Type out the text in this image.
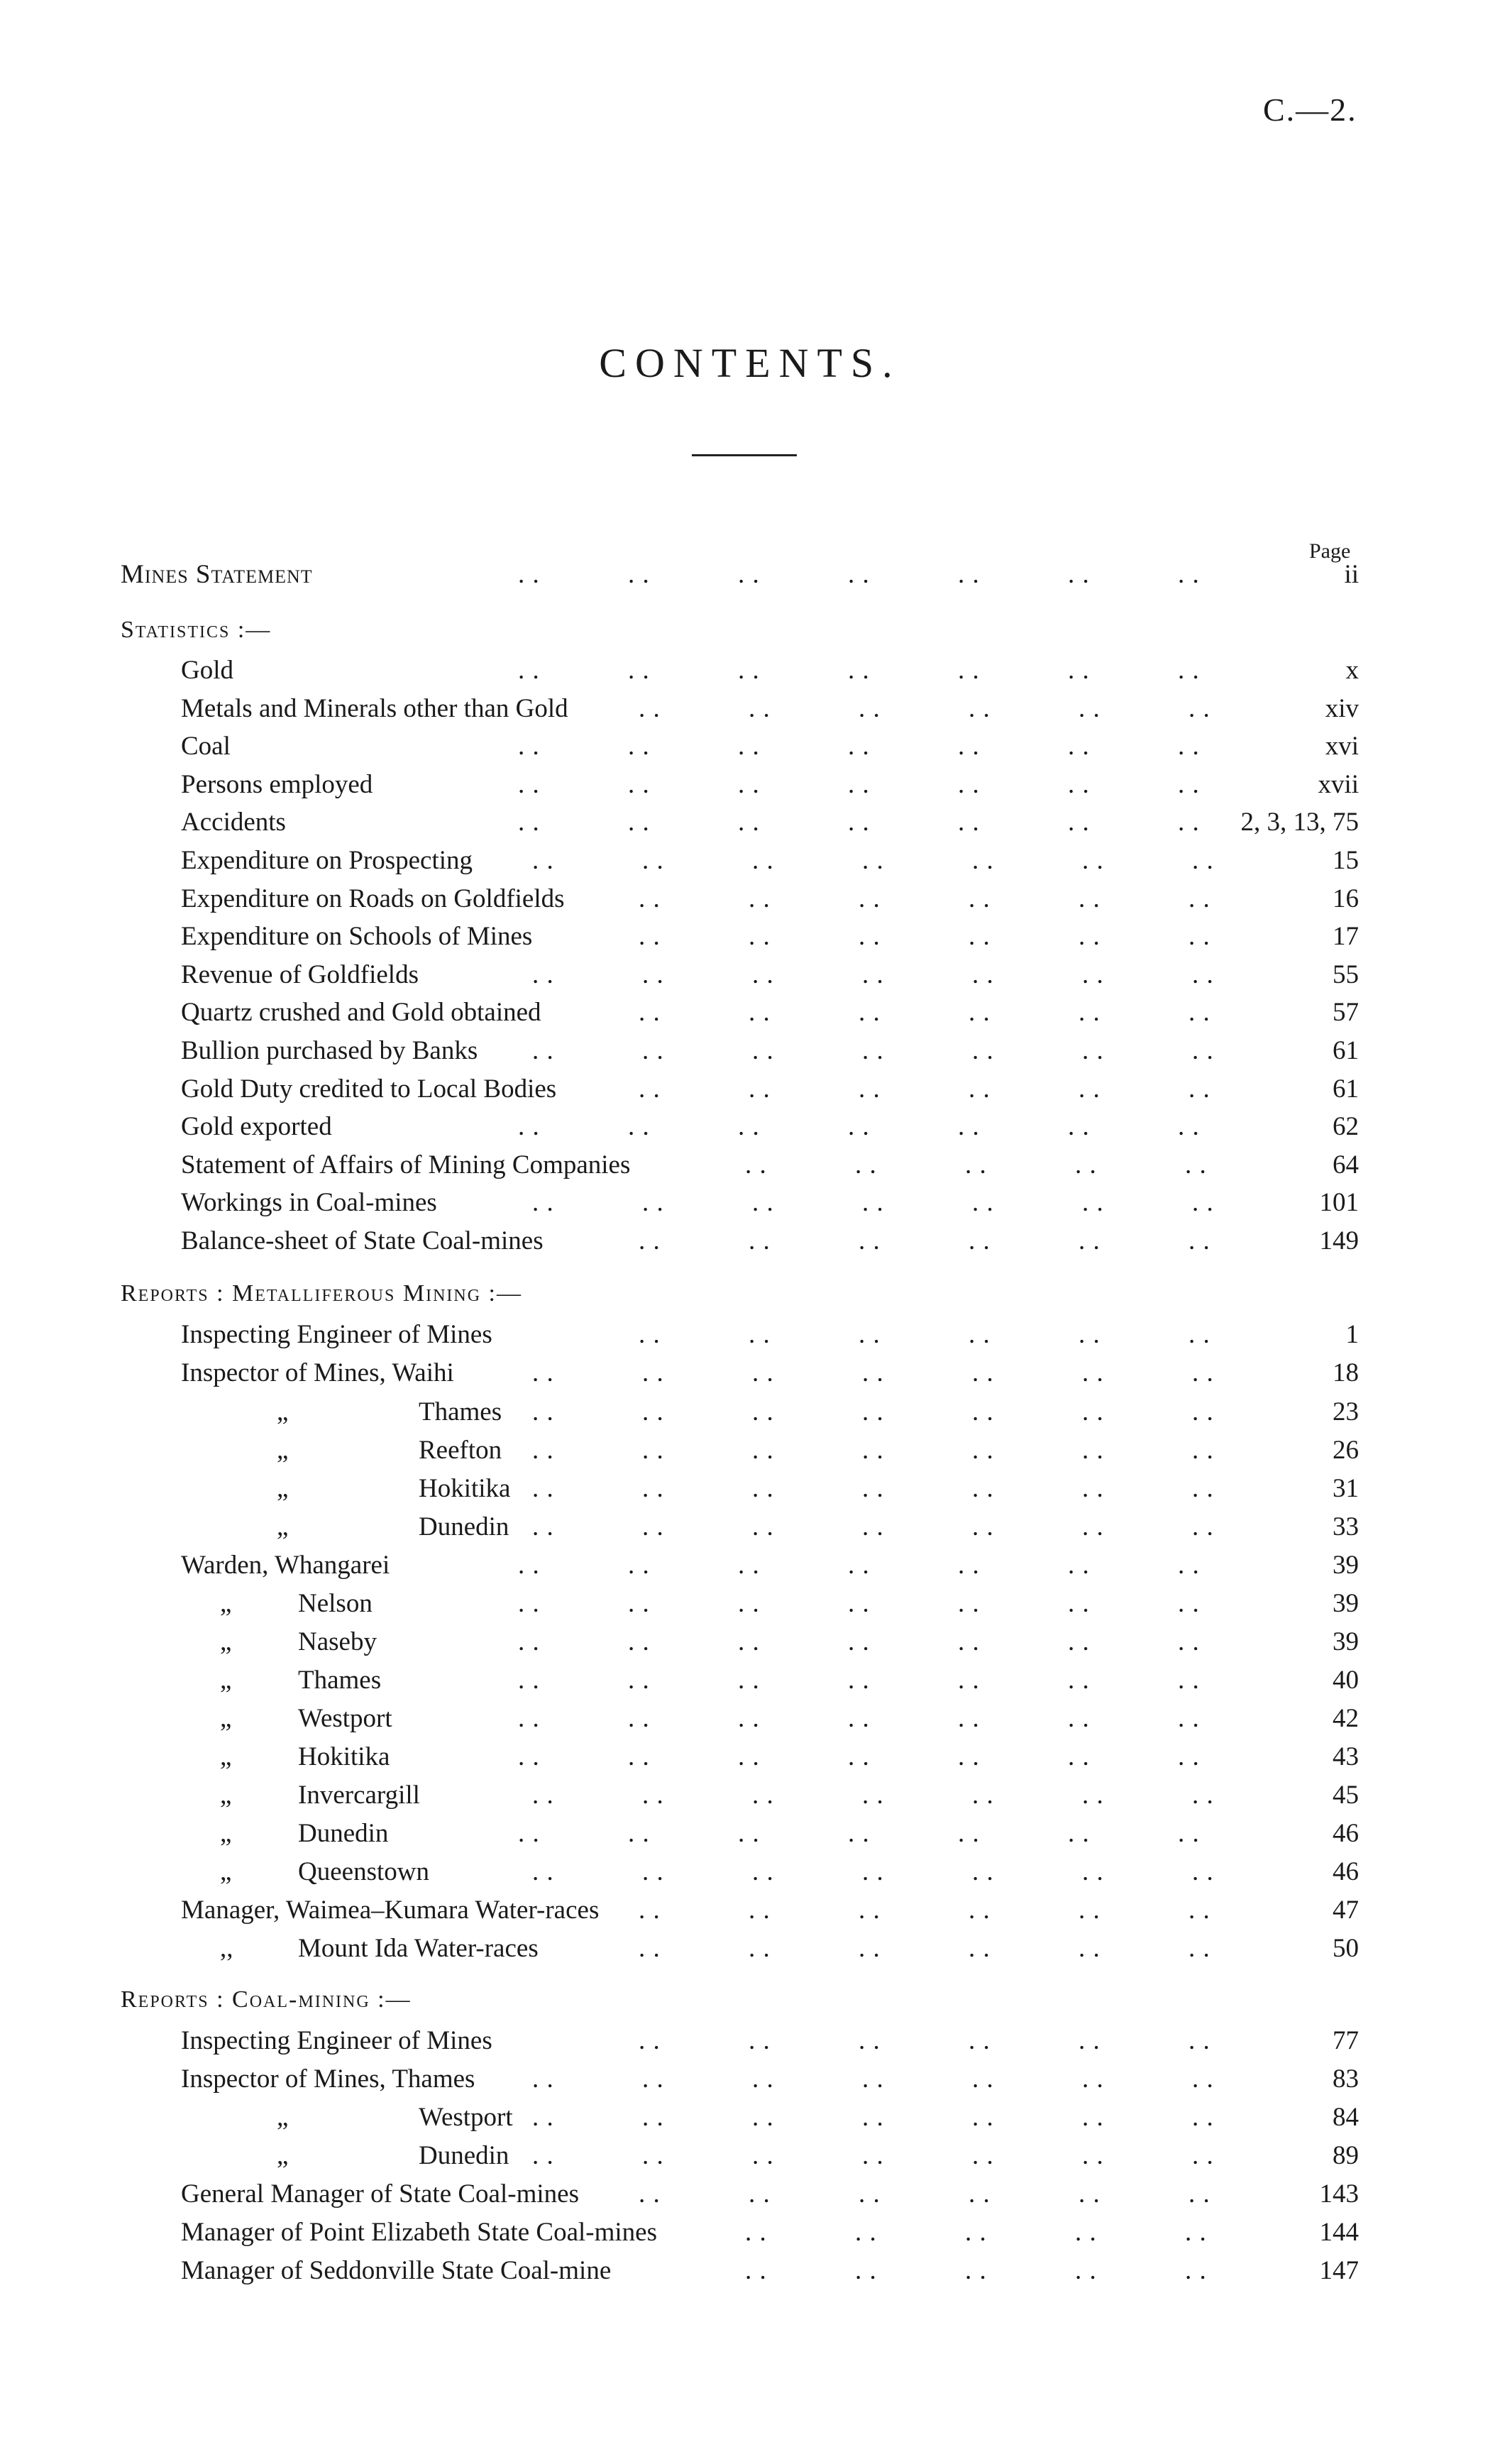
C.—2.
CONTENTS.
Page
Mines Statement	. .    . .    . .    . .    . .    . .    . .	ii
Statistics :—
Gold	. .    . .    . .    . .    . .    . .    . .	x
Metals and Minerals other than Gold	. .    . .    . .    . .    . .    . .	xiv
Coal	. .    . .    . .    . .    . .    . .    . .	xvi
Persons employed	. .    . .    . .    . .    . .    . .    . .	xvii
Accidents	. .    . .    . .    . .    . .    . .    . . 2, 3, 13, 75
Expenditure on Prospecting . .    . .    . .    . .    . .    . .    . .	15
Expenditure on Roads on Goldfields	. .    . .    . .    . .    . .    . .	16
Expenditure on Schools of Mines	. .    . .    . .    . .    . .    . .	17
Revenue of Goldfields	. .    . .    . .    . .    . .    . .    . .	55
Quartz crushed and Gold obtained	. .    . .    . .    . .    . .    . .	57
Bullion purchased by Banks . .    . .    . .    . .    . .    . .    . .	61
Gold Duty credited to Local Bodies	. .    . .    . .    . .    . .    . .	61
Gold exported	. .    . .    . .    . .    . .    . .    . .	62
Statement of Affairs of Mining Companies	. .    . .    . .    . .    . .	64
Workings in Coal-mines	. .    . .    . .    . .    . .    . .    . .	101
Balance-sheet of State Coal-mines	. .    . .    . .    . .    . .    . .	149
Reports : Metalliferous Mining :—
Inspecting Engineer of Mines	. .    . .    . .    . .    . .    . .	1
Inspector of Mines, Waihi	. .    . .    . .    . .    . .    . .    . .	18
„	Thames . .    . .    . .    . .    . .    . .    . .	23
„	Reefton . .    . .    . .    . .    . .    . .    . .	26
„	Hokitika . .    . .    . .    . .    . .    . .    . .	31
„	Dunedin . .    . .    . .    . .    . .    . .    . .	33
Warden, Whangarei	. .    . .    . .    . .    . .    . .    . .	39
„	Nelson	. .    . .    . .    . .    . .    . .    . .	39
„	Naseby	. .    . .    . .    . .    . .    . .    . .	39
„	Thames	. .    . .    . .    . .    . .    . .    . .	40
„	Westport	. .    . .    . .    . .    . .    . .    . .	42
„	Hokitika	. .    . .    . .    . .    . .    . .    . .	43
„	Invercargill	. .    . .    . .    . .    . .    . .    . .	45
„	Dunedin	. .    . .    . .    . .    . .    . .    . .	46
„	Queenstown	. .    . .    . .    . .    . .    . .    . .	46
Manager, Waimea–Kumara Water-races . .    . .    . .    . .    . .    . .	47
,, Mount Ida Water-races	. .    . .    . .    . .    . .    . .	50
Reports : Coal-mining :—
Inspecting Engineer of Mines	. .    . .    . .    . .    . .    . .	77
Inspector of Mines, Thames . .    . .    . .    . .    . .    . .    . .	83
„	Westport . .    . .    . .    . .    . .    . .    . .	84
„	Dunedin . .    . .    . .    . .    . .    . .    . .	89
General Manager of State Coal-mines . .    . .    . .    . .    . .    . .	143
Manager of Point Elizabeth State Coal-mines	. .    . .    . .    . .    . .	144
Manager of Seddonville State Coal-mine	. .    . .    . .    . .    . .	147
